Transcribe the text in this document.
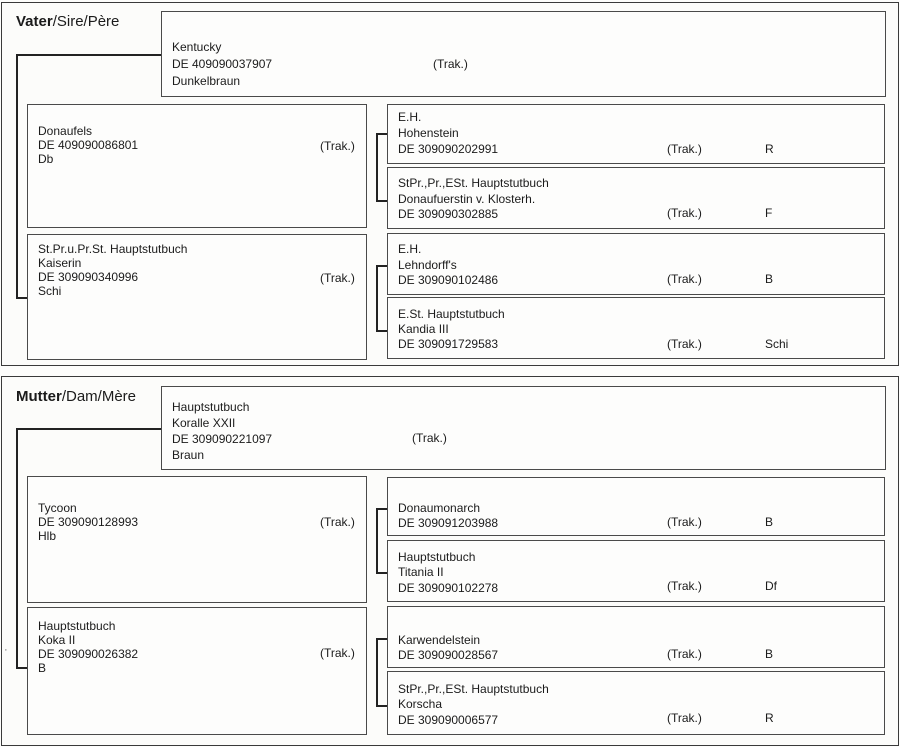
Vater/Sire/Père
Kentucky
DE 409090037907
Dunkelbraun
(Trak.)
Donaufels
DE 409090086801
Db
(Trak.)
St.Pr.u.Pr.St. Hauptstutbuch
Kaiserin
DE 309090340996
Schi
(Trak.)
E.H.
Hohenstein
DE 309090202991	(Trak.)	R
StPr.,Pr.,ESt. Hauptstutbuch
Donaufuerstin v. Klosterh.
DE 309090302885	(Trak.)	F
E.H.
Lehndorff's
DE 309090102486	(Trak.)	B
E.St. Hauptstutbuch
Kandia III
DE 309091729583	(Trak.)	Schi
Mutter/Dam/Mère
Hauptstutbuch
Koralle XXII
DE 309090221097
Braun
(Trak.)
Tycoon
DE 309090128993
Hlb
(Trak.)
Hauptstutbuch
Koka II
DE 309090026382
B
(Trak.)
·
Donaumonarch
DE 309091203988	(Trak.)	B
Hauptstutbuch
Titania II
DE 309090102278	(Trak.)	Df
Karwendelstein
DE 309090028567	(Trak.)	B
StPr.,Pr.,ESt. Hauptstutbuch
Korscha
DE 309090006577	(Trak.)	R
